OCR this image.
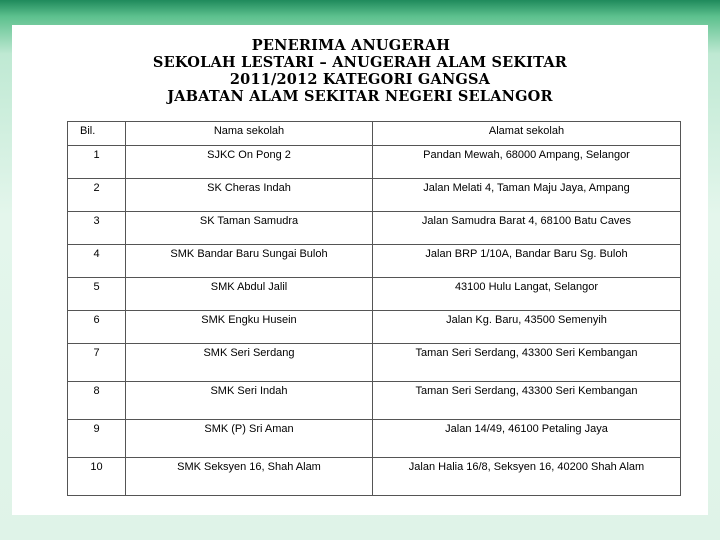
PENERIMA ANUGERAH
SEKOLAH LESTARI – ANUGERAH ALAM SEKITAR
2011/2012 KATEGORI GANGSA
JABATAN ALAM SEKITAR NEGERI SELANGOR
Bil.	Nama sekolah	Alamat sekolah
1	SJKC On Pong 2	Pandan Mewah, 68000 Ampang, Selangor
2	SK Cheras Indah	Jalan Melati 4, Taman Maju Jaya, Ampang
3	SK Taman Samudra	Jalan Samudra Barat 4, 68100 Batu Caves
4	SMK Bandar Baru Sungai Buloh	Jalan BRP 1/10A, Bandar Baru Sg. Buloh
5	SMK Abdul Jalil	43100 Hulu Langat, Selangor
6	SMK Engku Husein	Jalan Kg. Baru, 43500 Semenyih
7	SMK Seri Serdang	Taman Seri Serdang, 43300 Seri Kembangan
8	SMK Seri Indah	Taman Seri Serdang, 43300 Seri Kembangan
9	SMK (P) Sri Aman	Jalan 14/49, 46100 Petaling Jaya
10	SMK Seksyen 16, Shah Alam	Jalan Halia 16/8, Seksyen 16, 40200 Shah Alam
